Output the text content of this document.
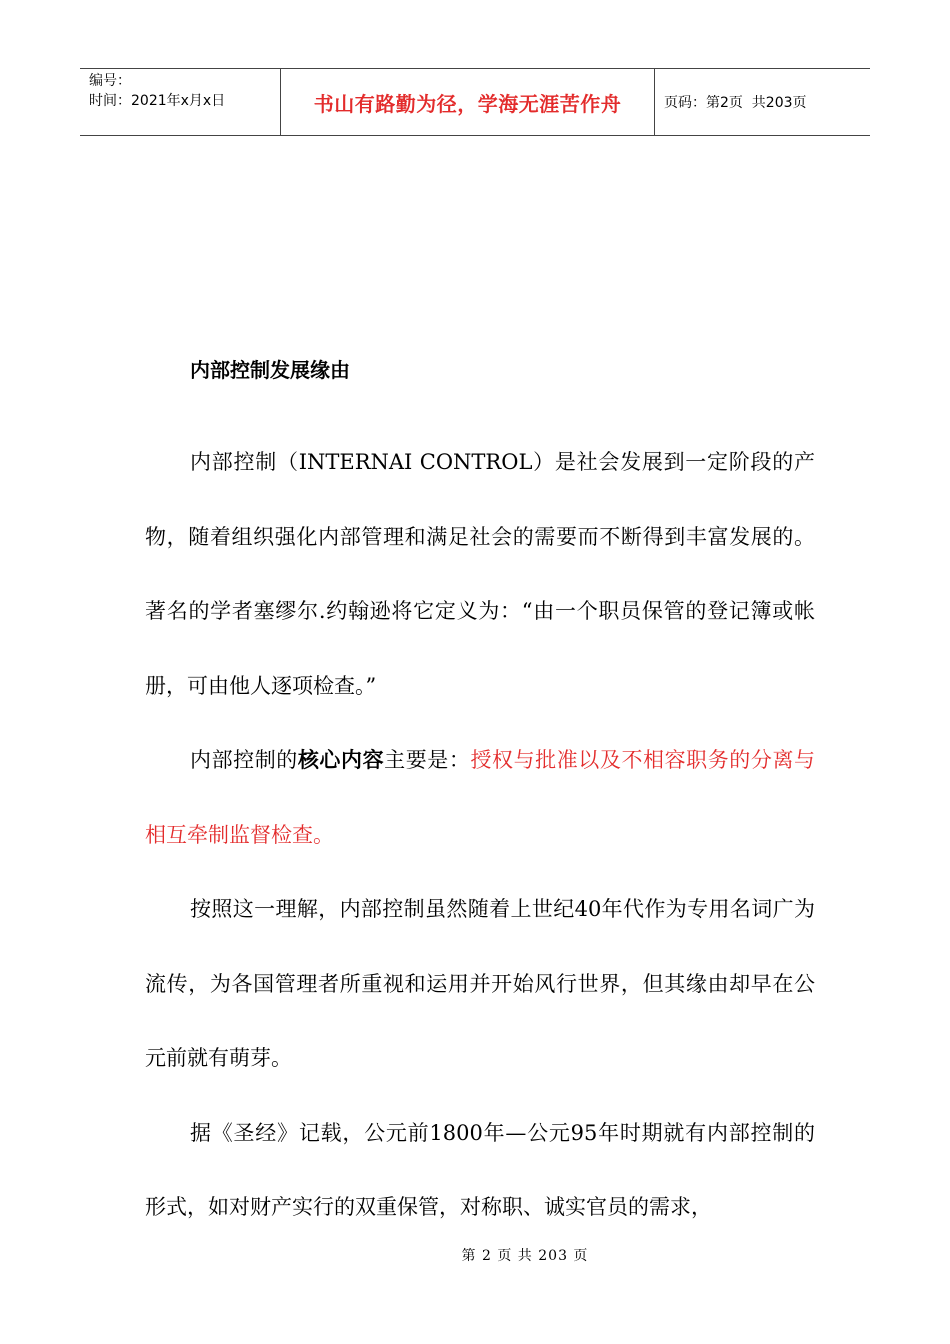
编号：
时间：2021年x月x日	书山有路勤为径，学海无涯苦作舟	页码：第2页  共203页
内部控制发展缘由

内部控制（INTERNAI CONTROL）是社会发展到一定阶段的产物，随着组织强化内部管理和满足社会的需要而不断得到丰富发展的。著名的学者塞缪尔.约翰逊将它定义为：“由一个职员保管的登记簿或帐册，可由他人逐项检查。”

内部控制的核心内容主要是：授权与批准以及不相容职务的分离与相互牵制监督检查。

按照这一理解，内部控制虽然随着上世纪40年代作为专用名词广为流传，为各国管理者所重视和运用并开始风行世界，但其缘由却早在公元前就有萌芽。

据《圣经》记载，公元前1800年—公元95年时期就有内部控制的形式，如对财产实行的双重保管，对称职、诚实官员的需求，

第 2 页 共 203 页
